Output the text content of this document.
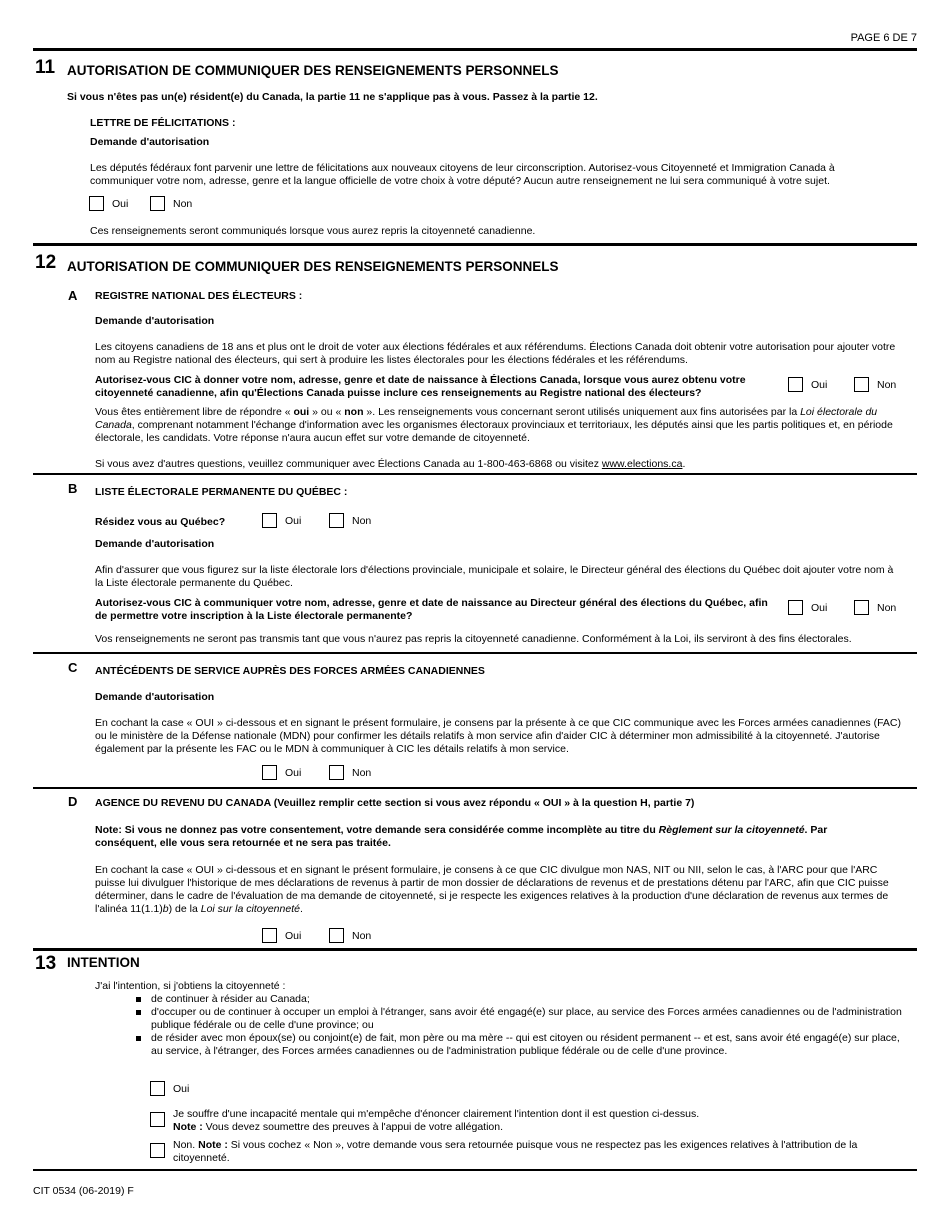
PAGE 6 DE 7
11 AUTORISATION DE COMMUNIQUER DES RENSEIGNEMENTS PERSONNELS
Si vous n'êtes pas un(e) résident(e) du Canada, la partie 11 ne s'applique pas à vous. Passez à la partie 12.
LETTRE DE FÉLICITATIONS :
Demande d'autorisation
Les députés fédéraux font parvenir une lettre de félicitations aux nouveaux citoyens de leur circonscription. Autorisez-vous Citoyenneté et Immigration Canada à communiquer votre nom, adresse, genre et la langue officielle de votre choix à votre député? Aucun autre renseignement ne lui sera communiqué à votre sujet.
Oui	Non
Ces renseignements seront communiqués lorsque vous aurez repris la citoyenneté canadienne.
12 AUTORISATION DE COMMUNIQUER DES RENSEIGNEMENTS PERSONNELS
A REGISTRE NATIONAL DES ÉLECTEURS :
Demande d'autorisation
Les citoyens canadiens de 18 ans et plus ont le droit de voter aux élections fédérales et aux référendums. Élections Canada doit obtenir votre autorisation pour ajouter votre nom au Registre national des électeurs, qui sert à produire les listes électorales pour les élections fédérales et les référendums.
Autorisez-vous CIC à donner votre nom, adresse, genre et date de naissance à Élections Canada, lorsque vous aurez obtenu votre citoyenneté canadienne, afin qu'Élections Canada puisse inclure ces renseignements au Registre national des électeurs?
Oui	Non
Vous êtes entièrement libre de répondre « oui » ou « non ». Les renseignements vous concernant seront utilisés uniquement aux fins autorisées par la Loi électorale du Canada, comprenant notamment l'échange d'information avec les organismes électoraux provinciaux et territoriaux, les députés ainsi que les partis politiques et, en période électorale, les candidats. Votre réponse n'aura aucun effet sur votre demande de citoyenneté.
Si vous avez d'autres questions, veuillez communiquer avec Élections Canada au 1-800-463-6868 ou visitez www.elections.ca.
B LISTE ÉLECTORALE PERMANENTE DU QUÉBEC :
Résidez vous au Québec?	Oui	Non
Demande d'autorisation
Afin d'assurer que vous figurez sur la liste électorale lors d'élections provinciale, municipale et solaire, le Directeur général des élections du Québec doit ajouter votre nom à la Liste électorale permanente du Québec.
Autorisez-vous CIC à communiquer votre nom, adresse, genre et date de naissance au Directeur général des élections du Québec, afin de permettre votre inscription à la Liste électorale permanente?
Oui	Non
Vos renseignements ne seront pas transmis tant que vous n'aurez pas repris la citoyenneté canadienne. Conformément à la Loi, ils serviront à des fins électorales.
C ANTÉCÉDENTS DE SERVICE AUPRÈS DES FORCES ARMÉES CANADIENNES
Demande d'autorisation
En cochant la case « OUI » ci-dessous et en signant le présent formulaire, je consens par la présente à ce que CIC communique avec les Forces armées canadiennes (FAC) ou le ministère de la Défense nationale (MDN) pour confirmer les détails relatifs à mon service afin d'aider CIC à déterminer mon admissibilité à la citoyenneté. J'autorise également par la présente les FAC ou le MDN à communiquer à CIC les détails relatifs à mon service.
Oui	Non
D AGENCE DU REVENU DU CANADA (Veuillez remplir cette section si vous avez répondu « OUI » à la question H, partie 7)
Note: Si vous ne donnez pas votre consentement, votre demande sera considérée comme incomplète au titre du Règlement sur la citoyenneté. Par conséquent, elle vous sera retournée et ne sera pas traitée.
En cochant la case « OUI » ci-dessous et en signant le présent formulaire, je consens à ce que CIC divulgue mon NAS, NIT ou NII, selon le cas, à l'ARC pour que l'ARC puisse lui divulguer l'historique de mes déclarations de revenus à partir de mon dossier de déclarations de revenus et de prestations détenu par l'ARC, afin que CIC puisse déterminer, dans le cadre de l'évaluation de ma demande de citoyenneté, si je respecte les exigences relatives à la production d'une déclaration de revenus aux termes de l'alinéa 11(1.1)b) de la Loi sur la citoyenneté.
Oui	Non
13 INTENTION
J'ai l'intention, si j'obtiens la citoyenneté :
de continuer à résider au Canada;
d'occuper ou de continuer à occuper un emploi à l'étranger, sans avoir été engagé(e) sur place, au service des Forces armées canadiennes ou de l'administration publique fédérale ou de celle d'une province; ou
de résider avec mon époux(se) ou conjoint(e) de fait, mon père ou ma mère -- qui est citoyen ou résident permanent -- et est, sans avoir été engagé(e) sur place, au service, à l'étranger, des Forces armées canadiennes ou de l'administration publique fédérale ou de celle d'une province.
Oui
Je souffre d'une incapacité mentale qui m'empêche d'énoncer clairement l'intention dont il est question ci-dessus.
Note : Vous devez soumettre des preuves à l'appui de votre allégation.
Non. Note : Si vous cochez « Non », votre demande vous sera retournée puisque vous ne respectez pas les exigences relatives à l'attribution de la citoyenneté.
CIT 0534 (06-2019) F
